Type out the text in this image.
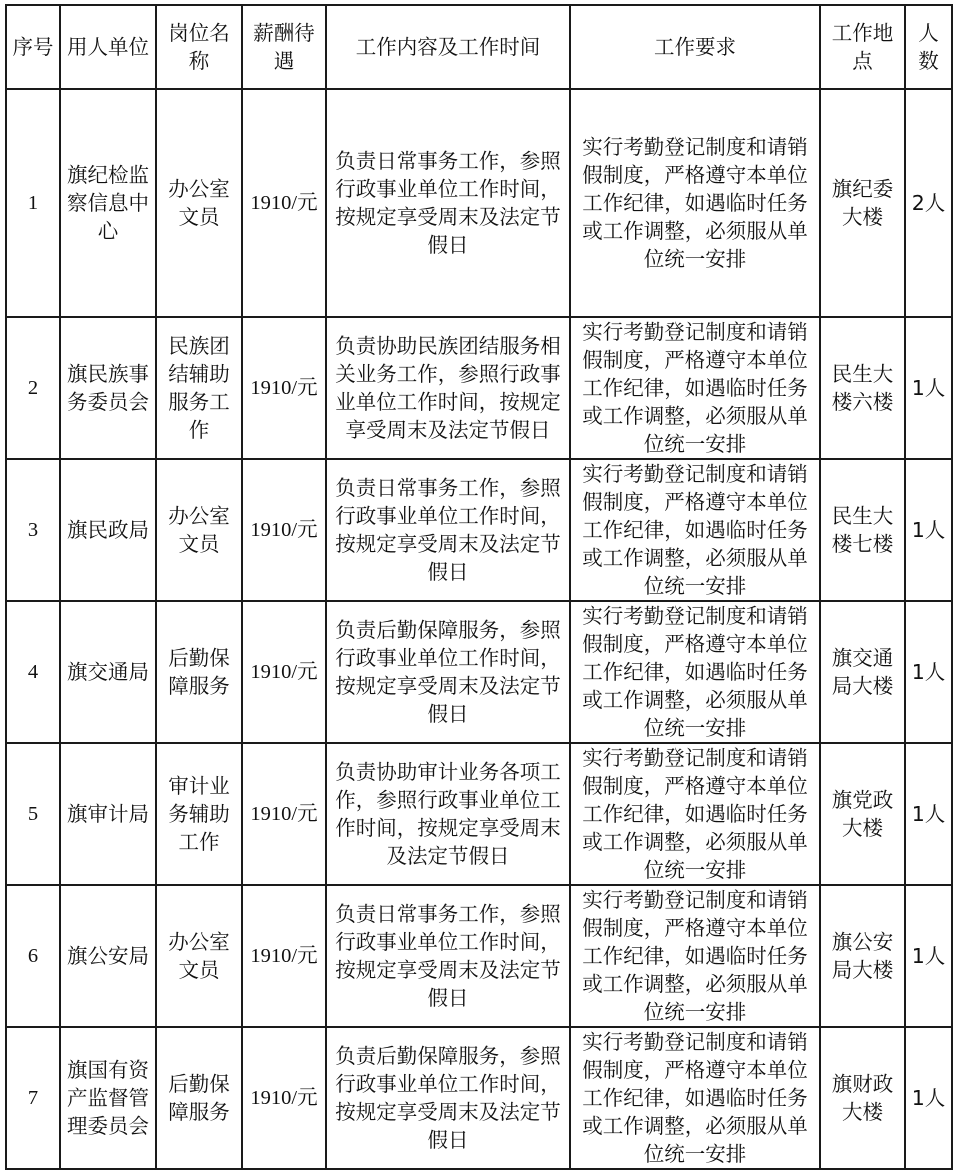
序号	用人单位	岗位名称	薪酬待遇	工作内容及工作时间	工作要求	工作地点	人数
1	旗纪检监察信息中心	办公室文员	1910/元	负责日常事务工作，参照行政事业单位工作时间，按规定享受周末及法定节假日	实行考勤登记制度和请销假制度，严格遵守本单位工作纪律，如遇临时任务或工作调整，必须服从单位统一安排	旗纪委大楼	2人
2	旗民族事务委员会	民族团结辅助服务工作	1910/元	负责协助民族团结服务相关业务工作，参照行政事业单位工作时间，按规定享受周末及法定节假日	实行考勤登记制度和请销假制度，严格遵守本单位工作纪律，如遇临时任务或工作调整，必须服从单位统一安排	民生大楼六楼	1人
3	旗民政局	办公室文员	1910/元	负责日常事务工作，参照行政事业单位工作时间，按规定享受周末及法定节假日	实行考勤登记制度和请销假制度，严格遵守本单位工作纪律，如遇临时任务或工作调整，必须服从单位统一安排	民生大楼七楼	1人
4	旗交通局	后勤保障服务	1910/元	负责后勤保障服务，参照行政事业单位工作时间，按规定享受周末及法定节假日	实行考勤登记制度和请销假制度，严格遵守本单位工作纪律，如遇临时任务或工作调整，必须服从单位统一安排	旗交通局大楼	1人
5	旗审计局	审计业务辅助工作	1910/元	负责协助审计业务各项工作，参照行政事业单位工作时间，按规定享受周末及法定节假日	实行考勤登记制度和请销假制度，严格遵守本单位工作纪律，如遇临时任务或工作调整，必须服从单位统一安排	旗党政大楼	1人
6	旗公安局	办公室文员	1910/元	负责日常事务工作，参照行政事业单位工作时间，按规定享受周末及法定节假日	实行考勤登记制度和请销假制度，严格遵守本单位工作纪律，如遇临时任务或工作调整，必须服从单位统一安排	旗公安局大楼	1人
7	旗国有资产监督管理委员会	后勤保障服务	1910/元	负责后勤保障服务，参照行政事业单位工作时间，按规定享受周末及法定节假日	实行考勤登记制度和请销假制度，严格遵守本单位工作纪律，如遇临时任务或工作调整，必须服从单位统一安排	旗财政大楼	1人
